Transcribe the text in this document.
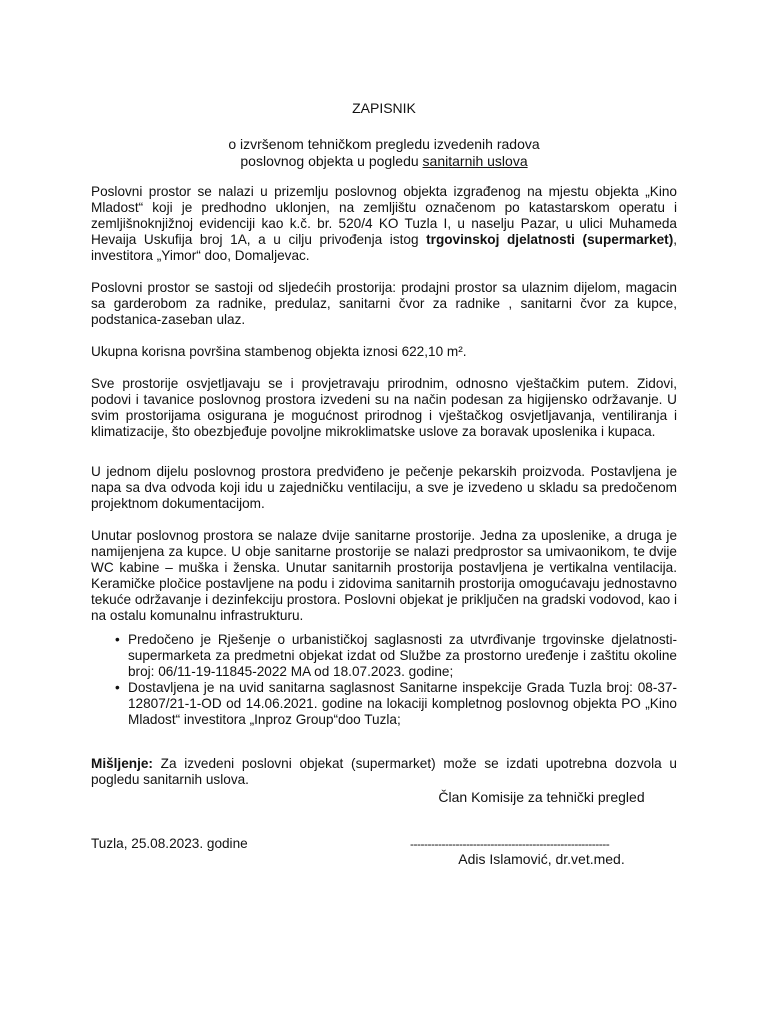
ZAPISNIK
o izvršenom tehničkom pregledu izvedenih radova
poslovnog objekta u pogledu sanitarnih uslova

Poslovni prostor se nalazi u prizemlju poslovnog objekta izgrađenog na mjestu objekta „Kino Mladost“ koji je predhodno uklonjen, na zemljištu označenom po katastarskom operatu i zemljišnoknjižnoj evidenciji kao k.č. br. 520/4 KO Tuzla I, u naselju Pazar, u ulici Muhameda Hevaija Uskufija broj 1A, a u cilju privođenja istog trgovinskoj djelatnosti (supermarket), investitora „Yimor“ doo, Domaljevac.

Poslovni prostor se sastoji od sljedećih prostorija: prodajni prostor sa ulaznim dijelom, magacin sa garderobom za radnike, predulaz, sanitarni čvor za radnike , sanitarni čvor za kupce, podstanica-zaseban ulaz.

Ukupna korisna površina stambenog objekta iznosi 622,10 m².

Sve prostorije osvjetljavaju se i provjetravaju prirodnim, odnosno vještačkim putem. Zidovi, podovi i tavanice poslovnog prostora izvedeni su na način podesan za higijensko održavanje. U svim prostorijama osigurana je mogućnost prirodnog i vještačkog osvjetljavanja, ventiliranja i klimatizacije, što obezbjeđuje povoljne mikroklimatske uslove za boravak uposlenika i kupaca.

U jednom dijelu poslovnog prostora predviđeno je pečenje pekarskih proizvoda. Postavljena je napa sa dva odvoda koji idu u zajedničku ventilaciju, a sve je izvedeno u skladu sa predočenom projektnom dokumentacijom.

Unutar poslovnog prostora se nalaze dvije sanitarne prostorije. Jedna za uposlenike, a druga je namijenjena za kupce. U obje sanitarne prostorije se nalazi predprostor sa umivaonikom, te dvije WC kabine – muška i ženska. Unutar sanitarnih prostorija postavljena je vertikalna ventilacija. Keramičke pločice postavljene na podu i zidovima sanitarnih prostorija omogućavaju jednostavno tekuće održavanje i dezinfekciju prostora. Poslovni objekat je priključen na gradski vodovod, kao i na ostalu komunalnu infrastrukturu.

• Predočeno je Rješenje o urbanističkoj saglasnosti za utvrđivanje trgovinske djelatnosti-supermarketa za predmetni objekat izdat od Službe za prostorno uređenje i zaštitu okoline broj: 06/11-19-11845-2022 MA od 18.07.2023. godine;
• Dostavljena je na uvid sanitarna saglasnost Sanitarne inspekcije Grada Tuzla broj: 08-37-12807/21-1-OD od 14.06.2021. godine na lokaciji kompletnog poslovnog objekta PO „Kino Mladost“ investitora „Inproz Group“doo Tuzla;

Mišljenje: Za izvedeni poslovni objekat (supermarket) može se izdati upotrebna dozvola u pogledu sanitarnih uslova.

Član Komisije za tehnički pregled
Tuzla, 25.08.2023. godine	---------------------------------------------------------
Adis Islamović, dr.vet.med.
